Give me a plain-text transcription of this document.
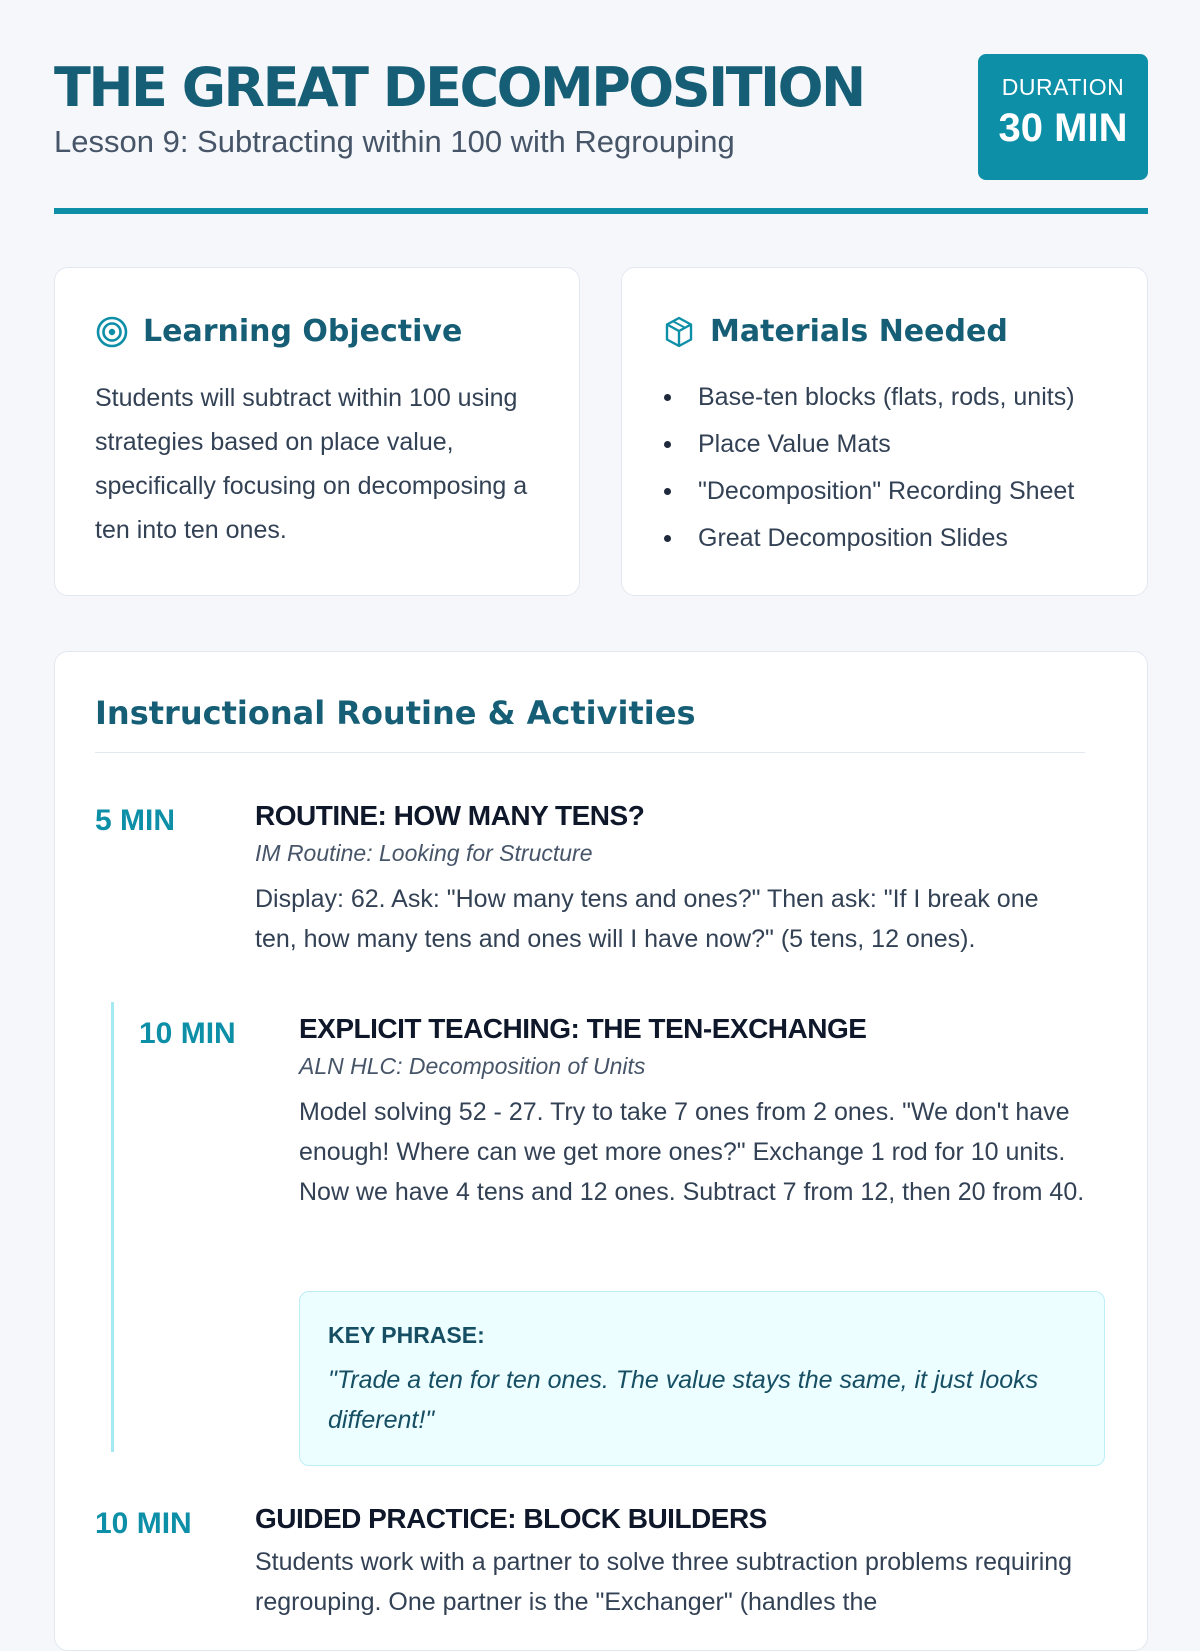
THE GREAT DECOMPOSITION
Lesson 9: Subtracting within 100 with Regrouping
DURATION
30 MIN
Learning Objective
Students will subtract within 100 using strategies based on place value, specifically focusing on decomposing a ten into ten ones.
Materials Needed
Base-ten blocks (flats, rods, units)
Place Value Mats
"Decomposition" Recording Sheet
Great Decomposition Slides
Instructional Routine & Activities
5 MIN	ROUTINE: HOW MANY TENS?
IM Routine: Looking for Structure
Display: 62. Ask: "How many tens and ones?" Then ask: "If I break one ten, how many tens and ones will I have now?" (5 tens, 12 ones).
10 MIN EXPLICIT TEACHING: THE TEN-EXCHANGE
ALN HLC: Decomposition of Units
Model solving 52 - 27. Try to take 7 ones from 2 ones. "We don't have enough! Where can we get more ones?" Exchange 1 rod for 10 units. Now we have 4 tens and 12 ones. Subtract 7 from 12, then 20 from 40.
KEY PHRASE:
"Trade a ten for ten ones. The value stays the same, it just looks different!"
10 MIN GUIDED PRACTICE: BLOCK BUILDERS
Students work with a partner to solve three subtraction problems requiring regrouping. One partner is the "Exchanger" (handles the
